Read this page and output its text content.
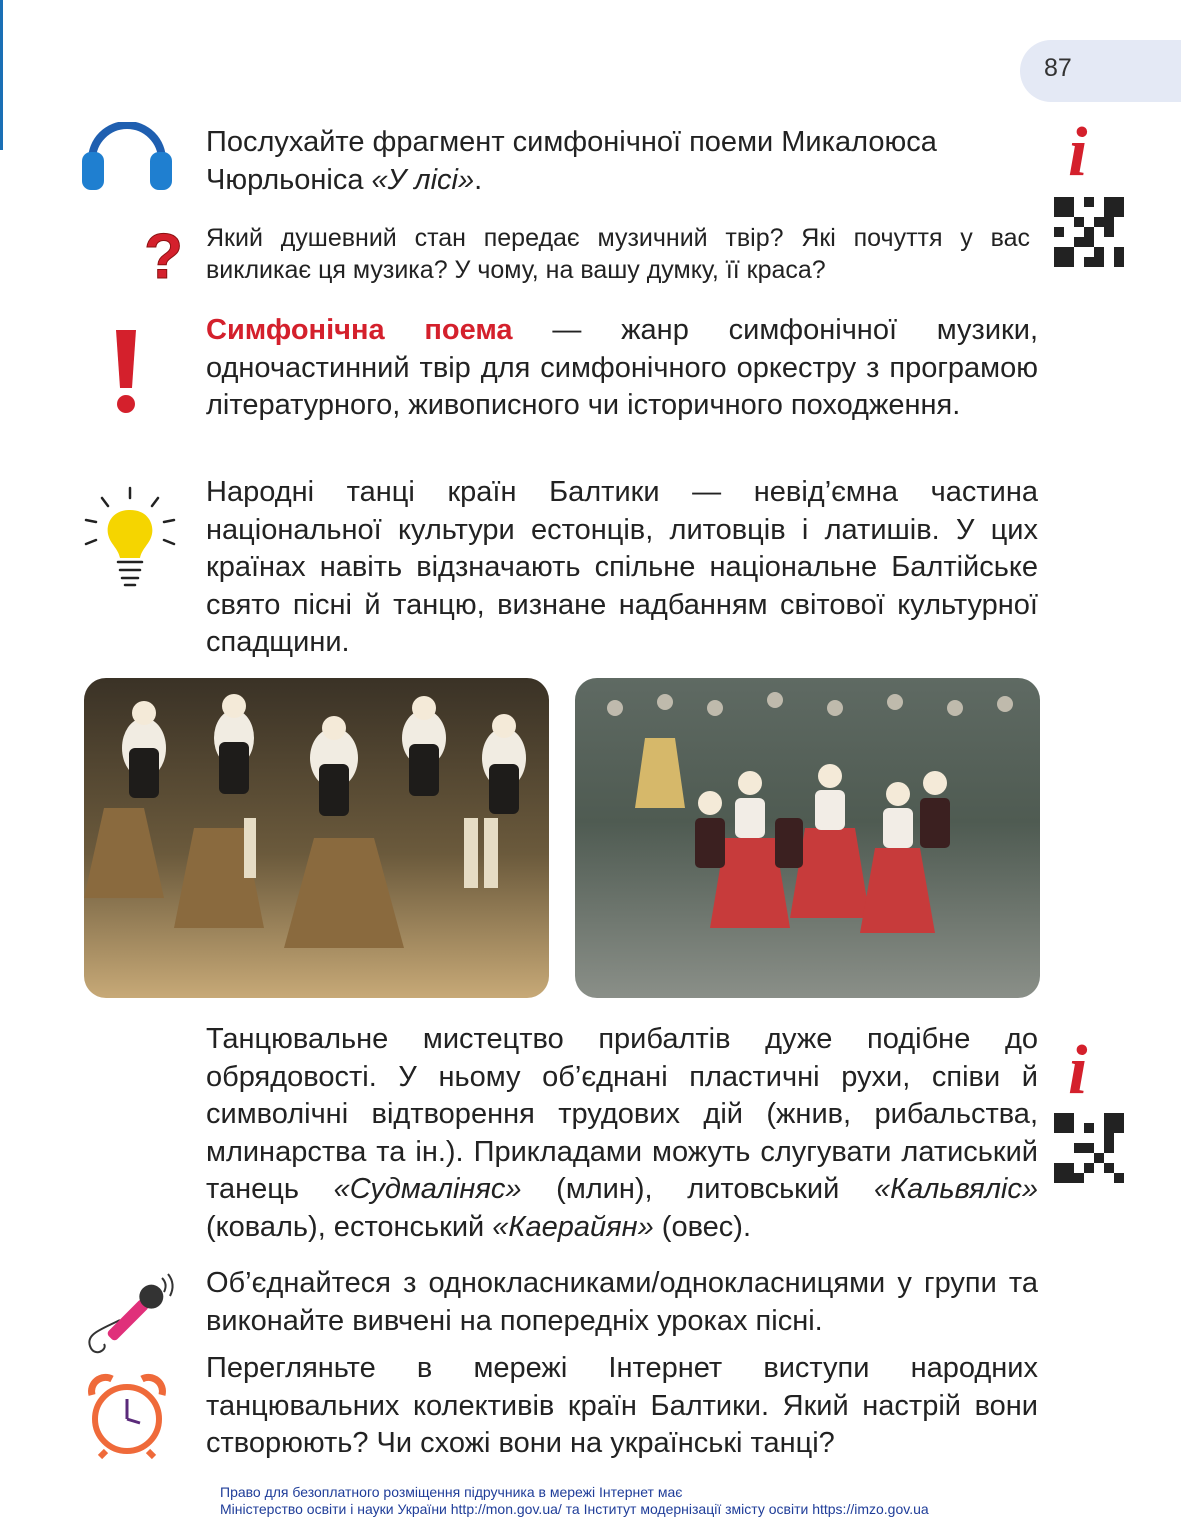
87
Послухайте фрагмент симфонічної поеми Микалоюса Чюрльоніса «У лісі».	i
? Який душевний стан передає музичний твір? Які почуття у вас викликає ця музика? У чому, на вашу думку, її краса?
Симфонічна поема — жанр симфонічної музики, одночастинний твір для симфонічного оркестру з програмою літературного, живописного чи історичного походження.
Народні танці країн Балтики — невід’ємна частина національної культури естонців, литовців і латишів. У цих країнах навіть відзначають спільне національне Балтійське свято пісні й танцю, визнане надбанням світової культурної спадщини.
Танцювальне мистецтво прибалтів дуже подібне до обрядовості. У ньому об’єднані пластичні рухи, співи й символічні відтворення трудових дій (жнив, рибальства, млинарства та ін.). Прикладами можуть слугувати латиський танець «Судмаліняс» (млин), литовський «Кальвяліс» (коваль), естонський «Каерайян» (овес).
i
Об’єднайтеся з однокласниками/однокласницями у групи та виконайте вивчені на попередніх уроках пісні.
Перегляньте в мережі Інтернет виступи народних танцювальних колективів країн Балтики. Який настрій вони створюють? Чи схожі вони на українські танці?
Право для безоплатного розміщення підручника в мережі Інтернет має
Міністерство освіти і науки України http://mon.gov.ua/ та Інститут модернізації змісту освіти https://imzo.gov.ua
